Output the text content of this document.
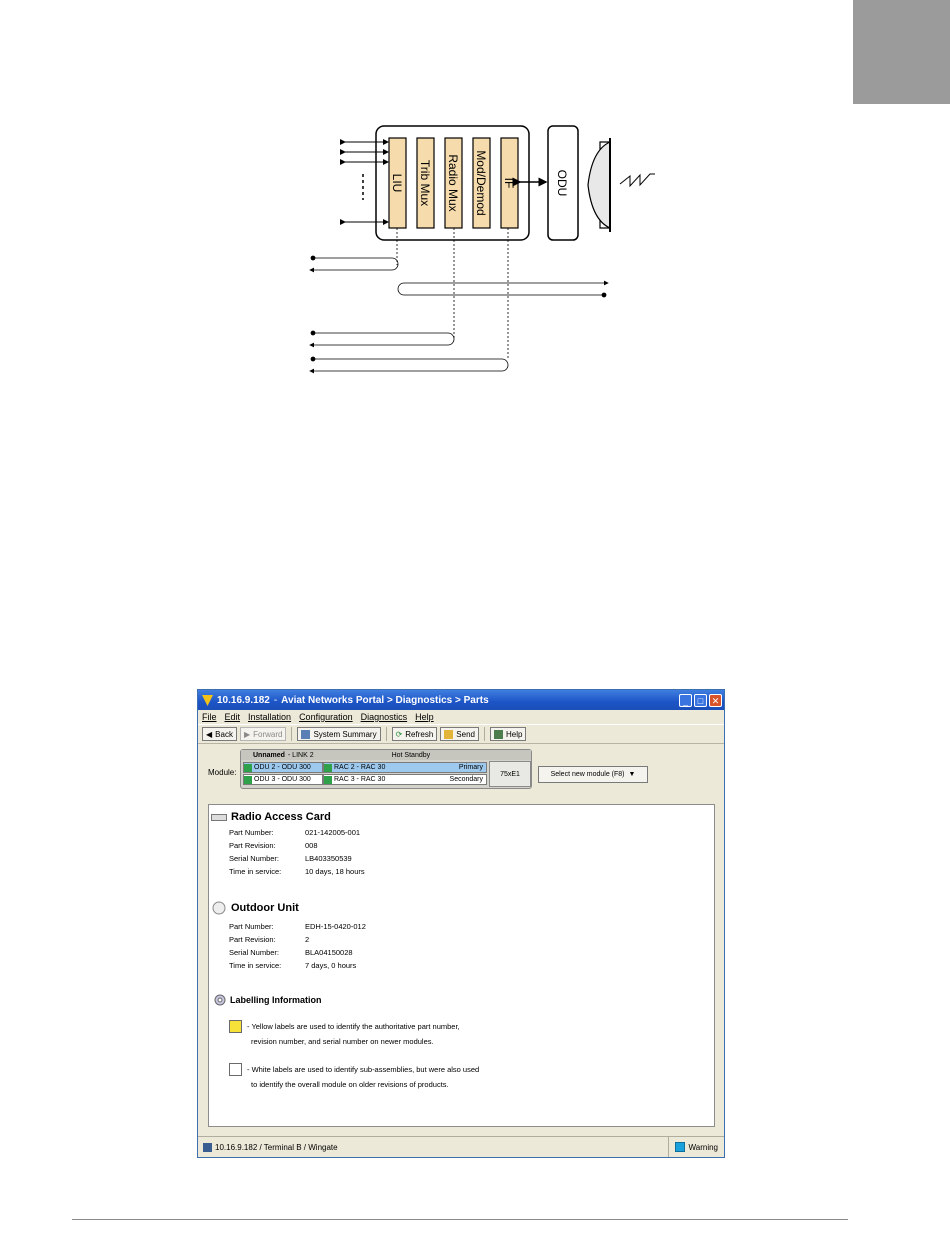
LIU Trib Mux Radio Mux Mod/Demod IF	ODU
10.16.9.182 - Aviat Networks Portal > Diagnostics > Parts	_	□ ✕
File Edit Installation Configuration Diagnostics Help
◀ Back ▶ Forward	System Summary ⟳ Refresh	Send	Help
Module:
Unnamed - LINK 2	Hot Standby
ODU 2 - ODU 300	RAC 2 - RAC 30	Primary
ODU 3 - ODU 300	RAC 3 - RAC 30	Secondary
75xE1	Select new module (F8) ▼
Radio Access Card
Part Number:	021-142005-001
Part Revision:	008
Serial Number:	LB403350539
Time in service:	10 days, 18 hours
Outdoor Unit
Part Number:	EDH-15-0420-012
Part Revision:	2
Serial Number:	BLA04150028
Time in service:	7 days, 0 hours
Labelling Information
- Yellow labels are used to identify the authoritative part number,
revision number, and serial number on newer modules.
- White labels are used to identify sub-assemblies, but were also used
to identify the overall module on older revisions of products.
10.16.9.182 / Terminal B / Wingate	Warning
